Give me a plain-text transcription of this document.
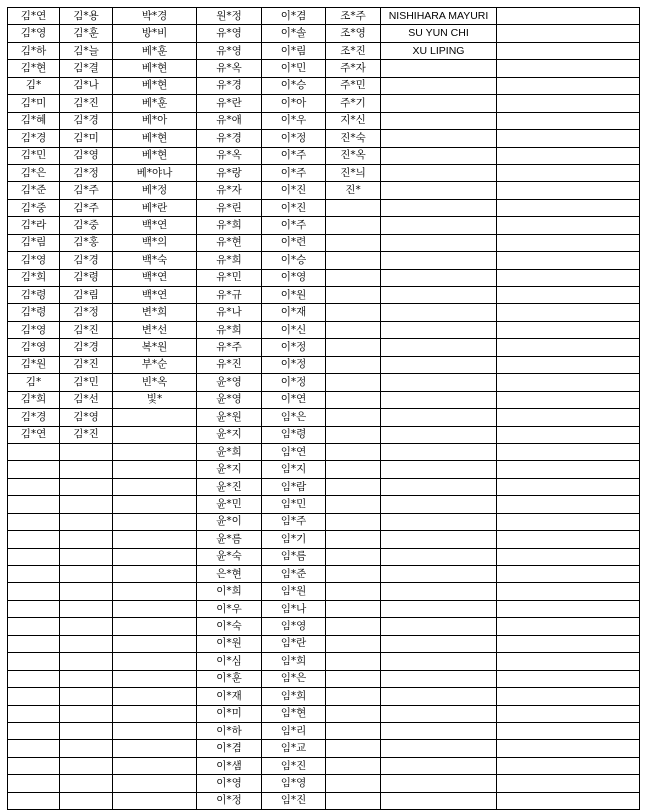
김*연	김*용	박*경	원*정	이*겸	조*주	NISHIHARA MAYURI	
김*영	김*훈	방*비	유*영	이*솔	조*영	SU YUN CHI	
김*하	김*늘	베*훈	유*영	이*림	조*진	XU LIPING	
김*현	김*결	베*현	유*옥	이*민	주*자		
김*	김*나	베*현	유*경	이*승	주*민		
김*미	김*진	베*훈	유*란	이*아	주*기		
김*혜	김*경	베*아	유*애	이*우	지*신		
김*경	김*미	베*현	유*경	이*정	진*숙		
김*민	김*영	베*현	유*옥	이*주	진*옥		
김*은	김*정	베*야나	유*랑	이*주	진*늬		
김*준	김*주	베*정	유*자	이*진	진*		
김*중	김*주	베*란	유*린	이*진			
김*라	김*중	백*연	유*희	이*주			
김*림	김*홍	백*의	유*현	이*련			
김*영	김*경	백*숙	유*희	이*승			
김*희	김*령	백*연	유*민	이*영			
김*령	김*림	백*연	유*규	이*원			
김*령	김*정	변*희	유*나	이*재			
김*영	김*진	변*선	유*희	이*신			
김*영	김*경	복*원	유*주	이*정			
김*원	김*진	부*순	유*진	이*정			
김*	김*민	빈*옥	윤*영	이*정			
김*희	김*선	빛*	윤*영	이*연			
김*경	김*영		윤*원	임*은			
김*연	김*진		윤*지	임*령			
			윤*희	임*연			
			윤*지	임*지			
			윤*진	임*람			
			윤*민	임*민			
			윤*이	임*주			
			윤*름	임*기			
			윤*숙	임*름			
			은*현	임*준			
			이*희	임*원			
			이*우	임*나			
			이*숙	임*영			
			이*원	임*란			
			이*심	임*희			
			이*훈	임*은			
			이*재	임*희			
			이*미	임*현			
			이*하	임*리			
			이*겸	임*교			
			이*샘	임*진			
			이*영	임*영			
			이*정	임*진			
